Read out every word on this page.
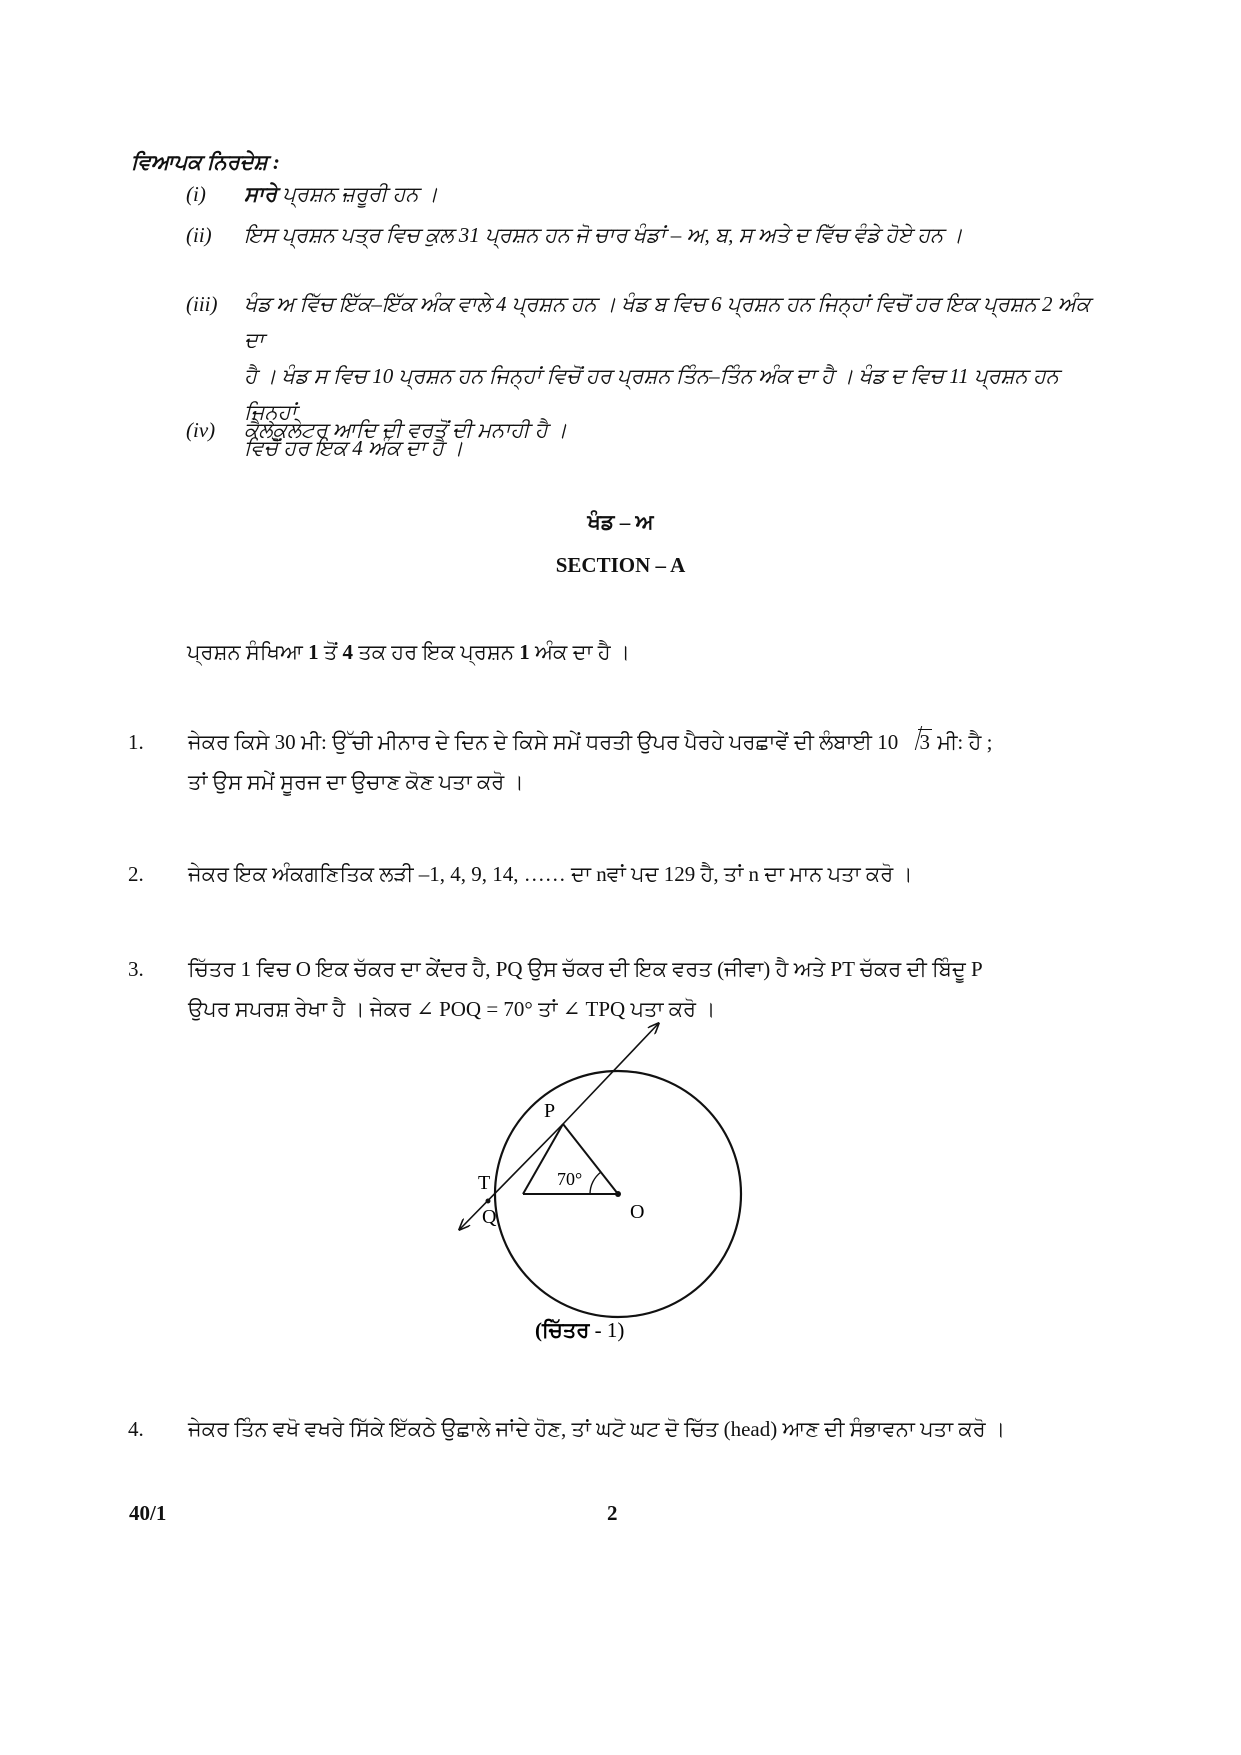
ਵਿਆਪਕ ਨਿਰਦੇਸ਼ :
(i)	ਸਾਰੇ ਪ੍ਰਸ਼ਨ ਜ਼ਰੂਰੀ ਹਨ ।
(ii)	ਇਸ ਪ੍ਰਸ਼ਨ ਪਤ੍ਰ ਵਿਚ ਕੁਲ 31 ਪ੍ਰਸ਼ਨ ਹਨ ਜੋ ਚਾਰ ਖੰਡਾਂ – ਅ, ਬ, ਸ ਅਤੇ ਦ ਵਿੱਚ ਵੰਡੇ ਹੋਏ ਹਨ ।
(iii)	ਖੰਡ ਅ ਵਿੱਚ ਇੱਕ–ਇੱਕ ਅੰਕ ਵਾਲੇ 4 ਪ੍ਰਸ਼ਨ ਹਨ । ਖੰਡ ਬ ਵਿਚ 6 ਪ੍ਰਸ਼ਨ ਹਨ ਜਿਨ੍ਹਾਂ ਵਿਚੋਂ ਹਰ ਇਕ ਪ੍ਰਸ਼ਨ 2 ਅੰਕ ਦਾ
ਹੈ । ਖੰਡ ਸ ਵਿਚ 10 ਪ੍ਰਸ਼ਨ ਹਨ ਜਿਨ੍ਹਾਂ ਵਿਚੋਂ ਹਰ ਪ੍ਰਸ਼ਨ ਤਿੰਨ–ਤਿੰਨ ਅੰਕ ਦਾ ਹੈ । ਖੰਡ ਦ ਵਿਚ 11 ਪ੍ਰਸ਼ਨ ਹਨ ਜਿਨ੍ਹਾਂ
ਵਿਚੋਂ ਹਰ ਇਕ 4 ਅੰਕ ਦਾ ਹੈ ।
(iv)	ਕੈਲਕੁਲੇਟਰ ਆਦਿ ਦੀ ਵਰਤੋਂ ਦੀ ਮਨਾਹੀ ਹੈ ।
ਖੰਡ – ਅ
SECTION – A
ਪ੍ਰਸ਼ਨ ਸੰਖਿਆ 1 ਤੋਂ 4 ਤਕ ਹਰ ਇਕ ਪ੍ਰਸ਼ਨ 1 ਅੰਕ ਦਾ ਹੈ ।
1. ਜੇਕਰ ਕਿਸੇ 30 ਮੀ: ਉੱਚੀ ਮੀਨਾਰ ਦੇ ਦਿਨ ਦੇ ਕਿਸੇ ਸਮੇਂ ਧਰਤੀ ਉਪਰ ਪੈਰਹੇ ਪਰਛਾਵੇਂ ਦੀ ਲੰਬਾਈ 10 3 ਮੀ: ਹੈ ;
ਤਾਂ ਉਸ ਸਮੇਂ ਸੂਰਜ ਦਾ ਉਚਾਣ ਕੋਣ ਪਤਾ ਕਰੋ ।
2. ਜੇਕਰ ਇਕ ਅੰਕਗਣਿਤਿਕ ਲੜੀ –1, 4, 9, 14, …… ਦਾ nਵਾਂ ਪਦ 129 ਹੈ, ਤਾਂ n ਦਾ ਮਾਨ ਪਤਾ ਕਰੋ ।
3. ਚਿੱਤਰ 1 ਵਿਚ O ਇਕ ਚੱਕਰ ਦਾ ਕੇਂਦਰ ਹੈ, PQ ਉਸ ਚੱਕਰ ਦੀ ਇਕ ਵਰਤ (ਜੀਵਾ) ਹੈ ਅਤੇ PT ਚੱਕਰ ਦੀ ਬਿੰਦੂ P
ਉਪਰ ਸਪਰਸ਼ ਰੇਖਾ ਹੈ । ਜੇਕਰ ∠ POQ = 70° ਤਾਂ ∠ TPQ ਪਤਾ ਕਰੋ ।
P
T
Q	O
70°
(ਚਿੱਤਰ - 1)
4. ਜੇਕਰ ਤਿੰਨ ਵਖੋ ਵਖਰੇ ਸਿੱਕੇ ਇੱਕਠੇ ਉਛਾਲੇ ਜਾਂਦੇ ਹੋਣ, ਤਾਂ ਘਟੋ ਘਟ ਦੋ ਚਿੱਤ (head) ਆਣ ਦੀ ਸੰਭਾਵਨਾ ਪਤਾ ਕਰੋ ।
40/1	2
